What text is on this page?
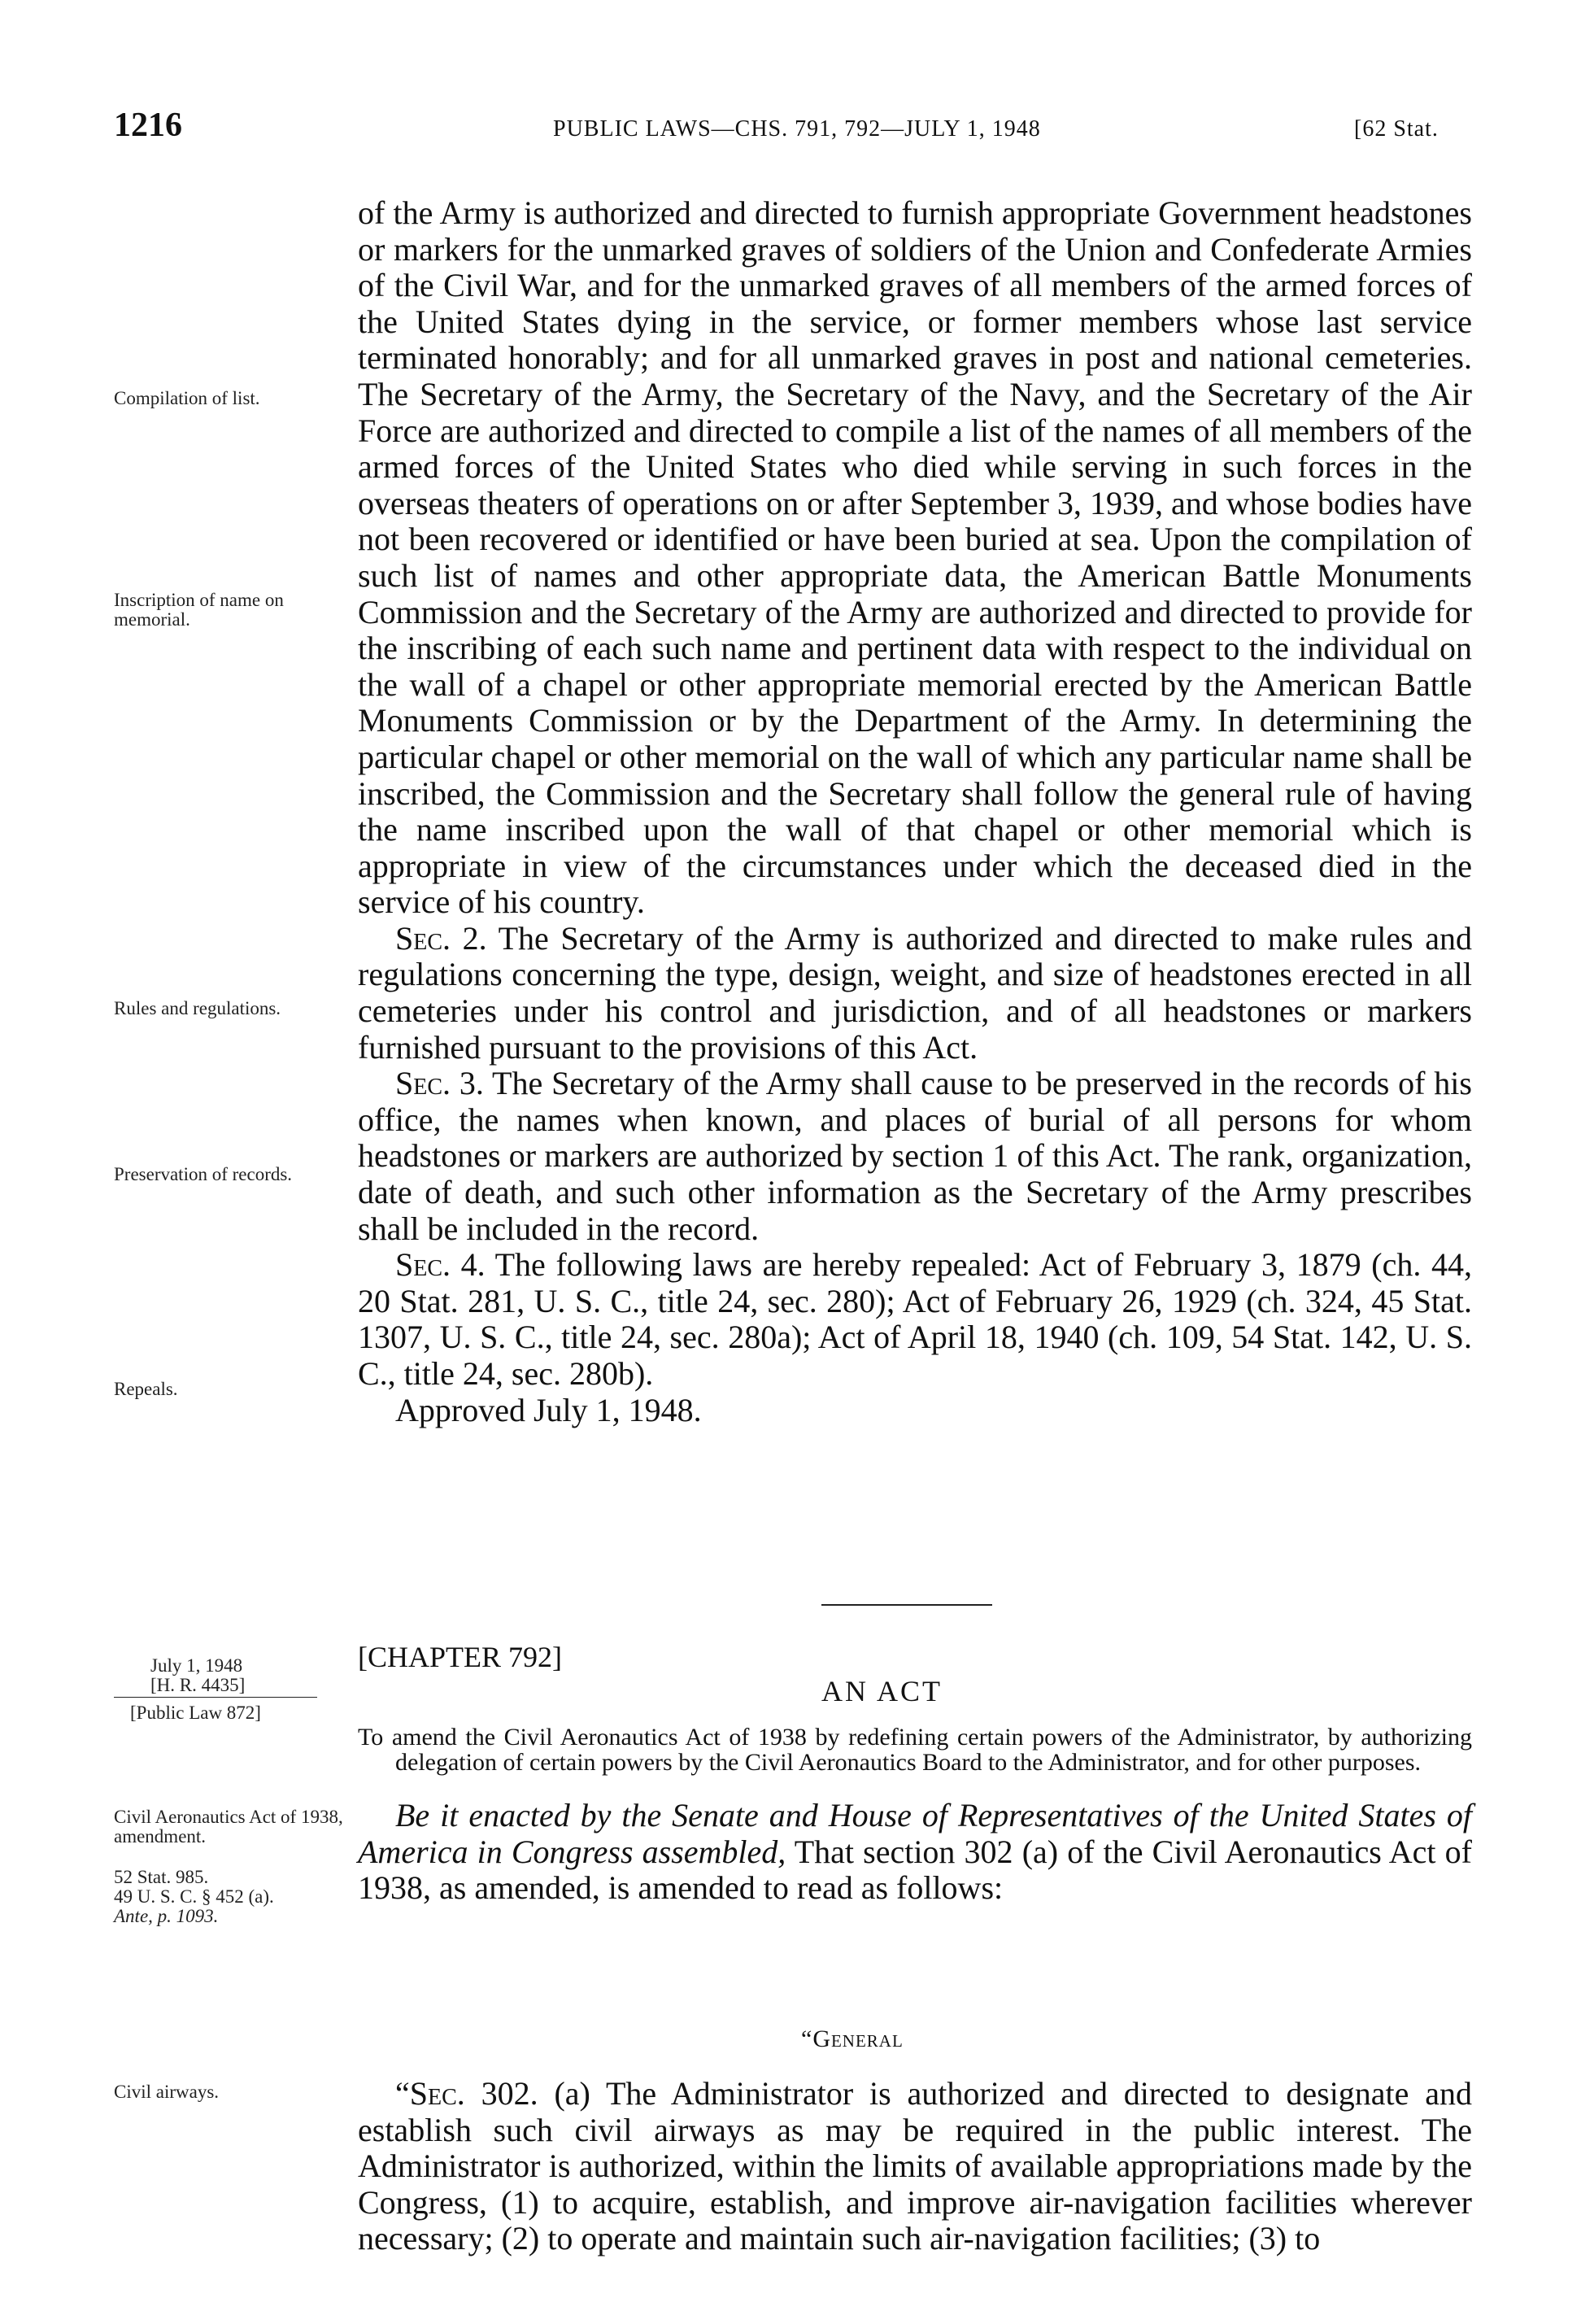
1216	PUBLIC LAWS—CHS. 791, 792—JULY 1, 1948	[62 Stat.

of the Army is authorized and directed to furnish appropriate Government headstones or markers for the unmarked graves of soldiers of the Union and Confederate Armies of the Civil War, and for the unmarked graves of all members of the armed forces of the United States dying in the service, or former members whose last service terminated honorably; and for all unmarked graves in post and national cemeteries. The Secretary of the Army, the Secretary of the Navy, and the Secretary of the Air Force are authorized and directed to compile a list of the names of all members of the armed forces of the United States who died while serving in such forces in the overseas theaters of operations on or after September 3, 1939, and whose bodies have not been recovered or identified or have been buried at sea. Upon the compilation of such list of names and other appropriate data, the American Battle Monuments Commission and the Secretary of the Army are authorized and directed to provide for the inscribing of each such name and pertinent data with respect to the individual on the wall of a chapel or other appropriate memorial erected by the American Battle Monuments Commission or by the Department of the Army. In determining the particular chapel or other memorial on the wall of which any particular name shall be inscribed, the Commission and the Secretary shall follow the general rule of having the name inscribed upon the wall of that chapel or other memorial which is appropriate in view of the circumstances under which the deceased died in the service of his country.

Sec. 2. The Secretary of the Army is authorized and directed to make rules and regulations concerning the type, design, weight, and size of headstones erected in all cemeteries under his control and jurisdiction, and of all headstones or markers furnished pursuant to the provisions of this Act.

Sec. 3. The Secretary of the Army shall cause to be preserved in the records of his office, the names when known, and places of burial of all persons for whom headstones or markers are authorized by section 1 of this Act. The rank, organization, date of death, and such other information as the Secretary of the Army prescribes shall be included in the record.

Sec. 4. The following laws are hereby repealed: Act of February 3, 1879 (ch. 44, 20 Stat. 281, U. S. C., title 24, sec. 280); Act of February 26, 1929 (ch. 324, 45 Stat. 1307, U. S. C., title 24, sec. 280a); Act of April 18, 1940 (ch. 109, 54 Stat. 142, U. S. C., title 24, sec. 280b).

Approved July 1, 1948.

Compilation of list.
Inscription of name on memorial.
Rules and regulations.
Preservation of records.
Repeals.
[CHAPTER 792]
AN ACT
July 1, 1948
[H. R. 4435]
[Public Law 872]

To amend the Civil Aeronautics Act of 1938 by redefining certain powers of the Administrator, by authorizing delegation of certain powers by the Civil Aeronautics Board to the Administrator, and for other purposes.

Civil Aeronautics Act of 1938, amendment.
52 Stat. 985.
49 U. S. C. § 452 (a).
Ante, p. 1093.

Be it enacted by the Senate and House of Representatives of the United States of America in Congress assembled, That section 302 (a) of the Civil Aeronautics Act of 1938, as amended, is amended to read as follows:

“General
Civil airways.	“Sec. 302. (a) The Administrator is authorized and directed to designate and establish such civil airways as may be required in the public interest. The Administrator is authorized, within the limits of available appropriations made by the Congress, (1) to acquire, establish, and improve air-navigation facilities wherever necessary; (2) to operate and maintain such air-navigation facilities; (3) to
